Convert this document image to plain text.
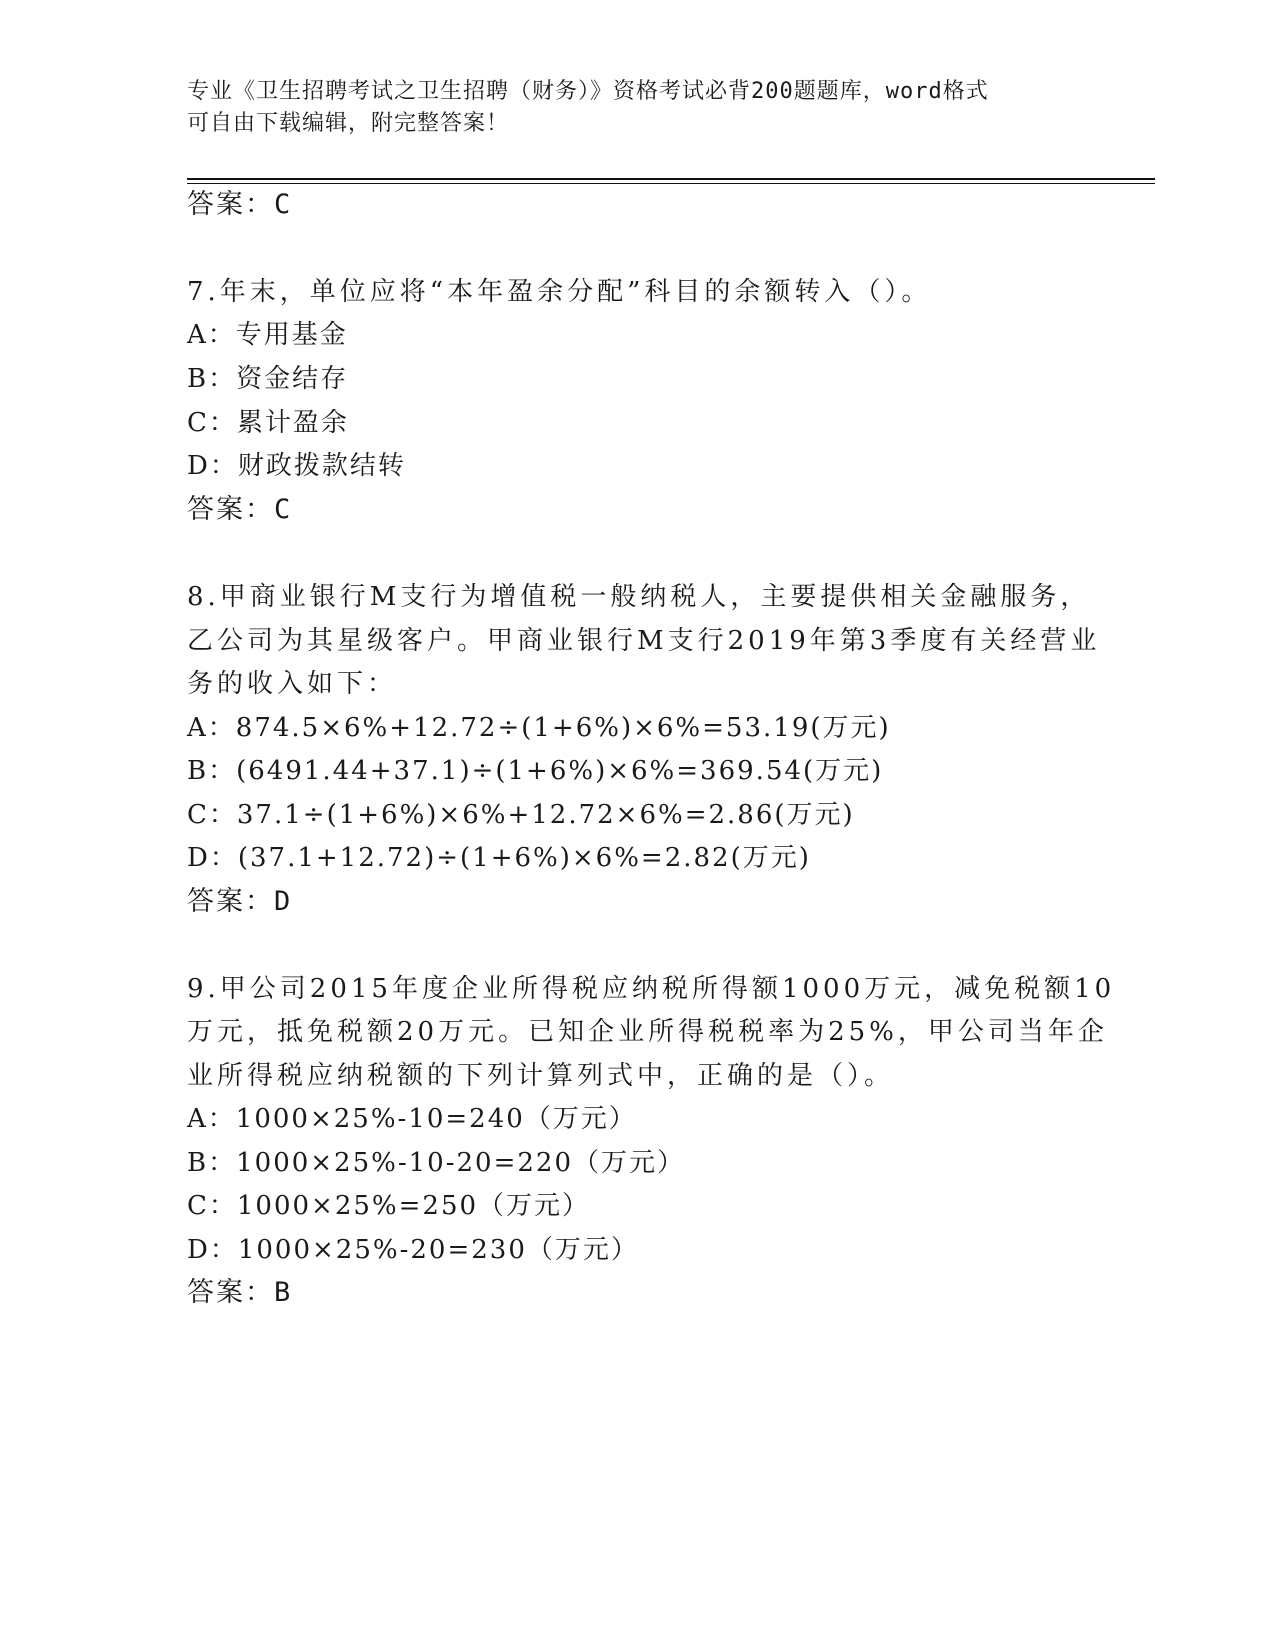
专业《卫生招聘考试之卫生招聘（财务）》资格考试必背200题题库，word格式
可自由下载编辑，附完整答案！
答案：C
7.年末，单位应将“本年盈余分配”科目的余额转入（）。
A：专用基金
B：资金结存
C：累计盈余
D：财政拨款结转
答案：C
8.甲商业银行M支行为增值税一般纳税人，主要提供相关金融服务，
乙公司为其星级客户。甲商业银行M支行2019年第3季度有关经营业
务的收入如下：
A：874.5×6%+12.72÷(1+6%)×6%=53.19(万元)
B：(6491.44+37.1)÷(1+6%)×6%=369.54(万元)
C：37.1÷(1+6%)×6%+12.72×6%=2.86(万元)
D：(37.1+12.72)÷(1+6%)×6%=2.82(万元)
答案：D
9.甲公司2015年度企业所得税应纳税所得额1000万元，减免税额10
万元，抵免税额20万元。已知企业所得税税率为25%，甲公司当年企
业所得税应纳税额的下列计算列式中，正确的是（）。
A：1000×25%-10=240（万元）
B：1000×25%-10-20=220（万元）
C：1000×25%=250（万元）
D：1000×25%-20=230（万元）
答案：B
